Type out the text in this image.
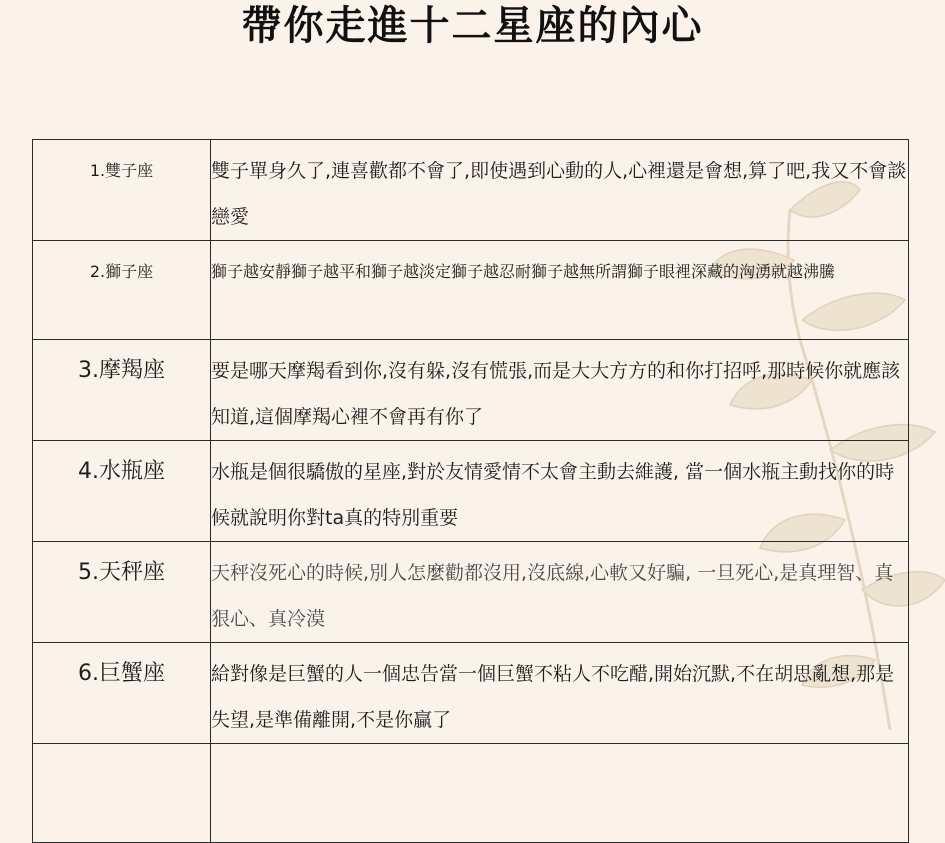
帶你走進十二星座的內心
1.雙子座	雙子單身久了,連喜歡都不會了,即使遇到心動的人,心裡還是會想,算了吧,我又不會談戀愛

2.獅子座	獅子越安靜獅子越平和獅子越淡定獅子越忍耐獅子越無所謂獅子眼裡深藏的洶湧就越沸騰

3.摩羯座	要是哪天摩羯看到你,沒有躲,沒有慌張,而是大大方方的和你打招呼,那時候你就應該知道,這個摩羯心裡不會再有你了

4.水瓶座	水瓶是個很驕傲的星座,對於友情愛情不太會主動去維護, 當一個水瓶主動找你的時候就說明你對ta真的特別重要

5.天秤座	天秤沒死心的時候,別人怎麼勸都沒用,沒底線,心軟又好騙, 一旦死心,是真理智、真狠心、真冷漠

6.巨蟹座	給對像是巨蟹的人一個忠告當一個巨蟹不粘人不吃醋,開始沉默,不在胡思亂想,那是失望,是準備離開,不是你贏了
